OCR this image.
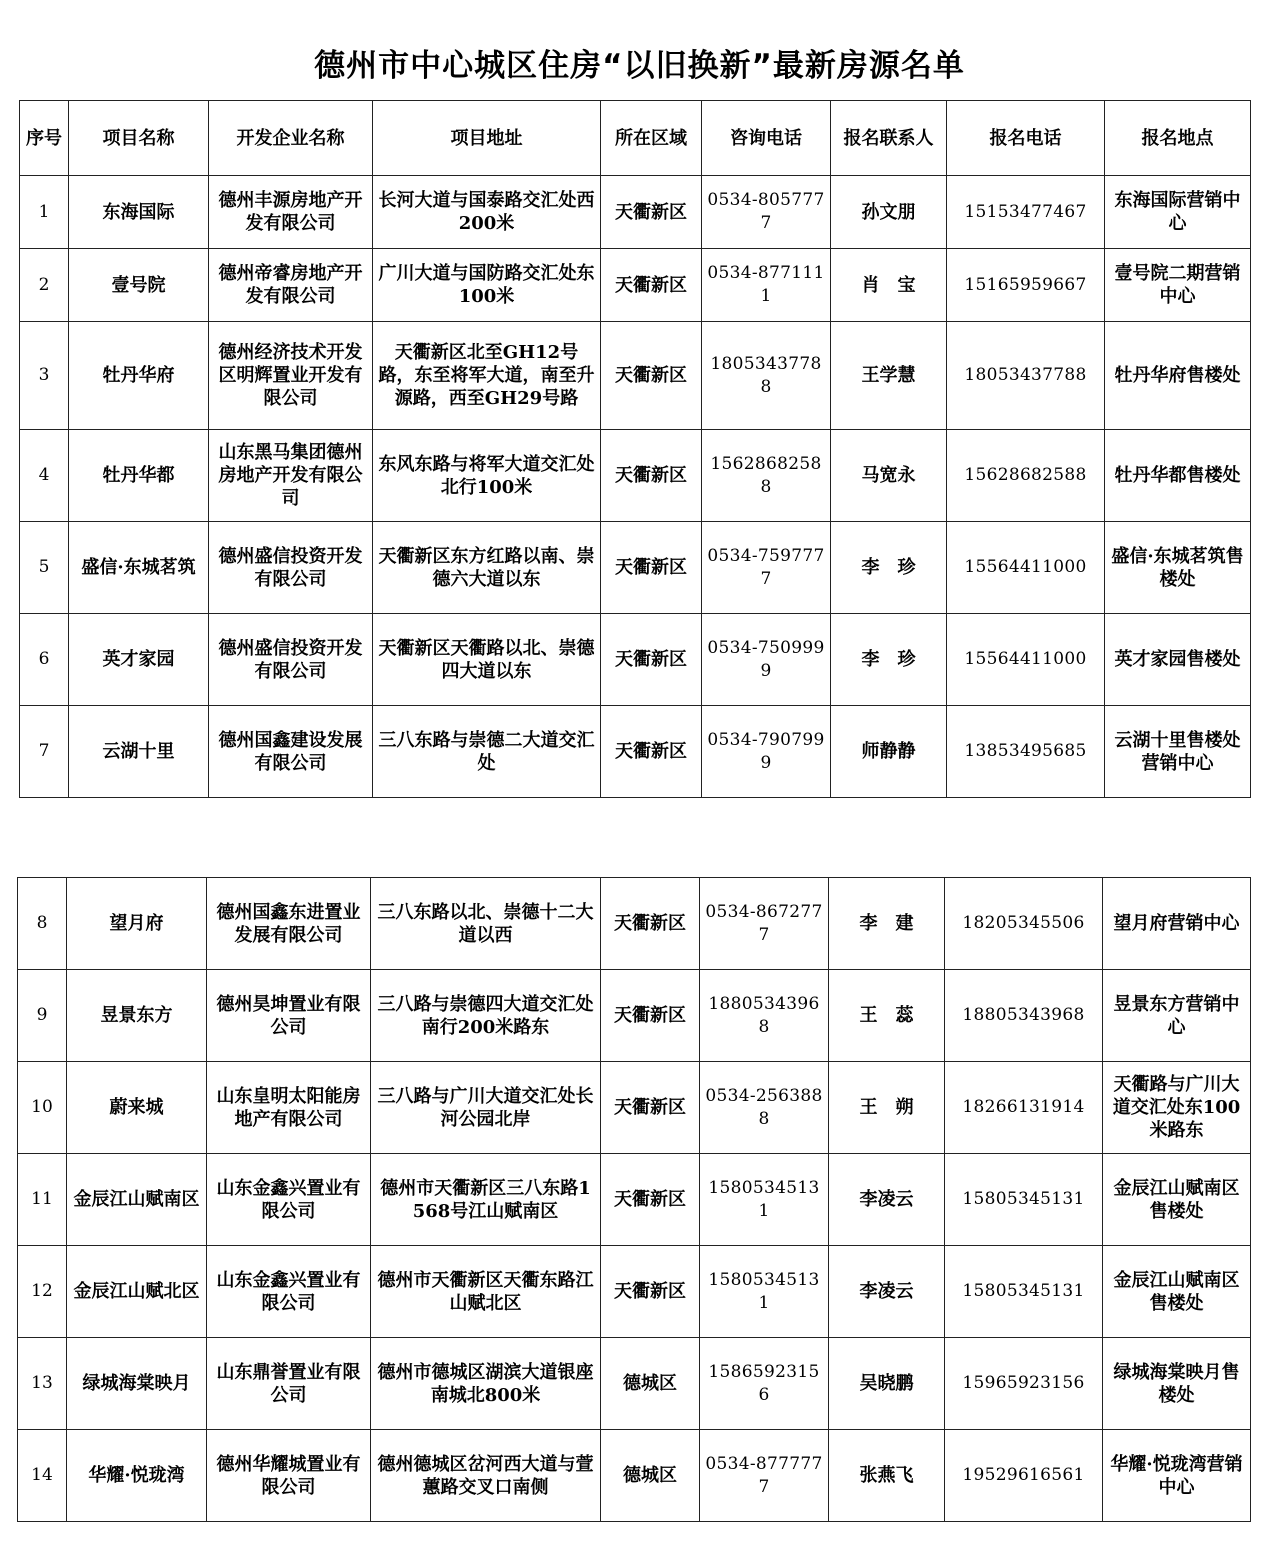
德州市中心城区住房“以旧换新”最新房源名单
序号	项目名称	开发企业名称	项目地址	所在区域	咨询电话	报名联系人	报名电话	报名地点
1	东海国际	德州丰源房地产开发有限公司	长河大道与国泰路交汇处西200米	天衢新区	0534-8057777	孙文朋	15153477467	东海国际营销中心
2	壹号院	德州帝睿房地产开发有限公司	广川大道与国防路交汇处东100米	天衢新区	0534-8771111	肖　宝	15165959667	壹号院二期营销中心
3	牡丹华府	德州经济技术开发区明辉置业开发有限公司	天衢新区北至GH12号路，东至将军大道，南至升源路，西至GH29号路	天衢新区	18053437788	王学慧	18053437788	牡丹华府售楼处
4	牡丹华都	山东黑马集团德州房地产开发有限公司	东风东路与将军大道交汇处北行100米	天衢新区	15628682588	马宽永	15628682588	牡丹华都售楼处
5	盛信·东城茗筑	德州盛信投资开发有限公司	天衢新区东方红路以南、崇德六大道以东	天衢新区	0534-7597777	李　珍	15564411000	盛信·东城茗筑售楼处
6	英才家园	德州盛信投资开发有限公司	天衢新区天衢路以北、崇德四大道以东	天衢新区	0534-7509999	李　珍	15564411000	英才家园售楼处
7	云湖十里	德州国鑫建设发展有限公司	三八东路与崇德二大道交汇处	天衢新区	0534-7907999	师静静	13853495685	云湖十里售楼处营销中心
8	望月府	德州国鑫东进置业发展有限公司	三八东路以北、崇德十二大道以西	天衢新区	0534-8672777	李　建	18205345506	望月府营销中心
9	昱景东方	德州昊坤置业有限公司	三八路与崇德四大道交汇处南行200米路东	天衢新区	18805343968	王　蕊	18805343968	昱景东方营销中心
10	蔚来城	山东皇明太阳能房地产有限公司	三八路与广川大道交汇处长河公园北岸	天衢新区	0534-2563888	王　朔	18266131914	天衢路与广川大道交汇处东100米路东
11	金辰江山赋南区	山东金鑫兴置业有限公司	德州市天衢新区三八东路1568号江山赋南区	天衢新区	15805345131	李凌云	15805345131	金辰江山赋南区售楼处
12	金辰江山赋北区	山东金鑫兴置业有限公司	德州市天衢新区天衢东路江山赋北区	天衢新区	15805345131	李凌云	15805345131	金辰江山赋南区售楼处
13	绿城海棠映月	山东鼎誉置业有限公司	德州市德城区湖滨大道银座南城北800米	德城区	15865923156	吴晓鹏	15965923156	绿城海棠映月售楼处
14	华耀·悦珑湾	德州华耀城置业有限公司	德州德城区岔河西大道与萱蕙路交叉口南侧	德城区	0534-8777777	张燕飞	19529616561	华耀·悦珑湾营销中心
